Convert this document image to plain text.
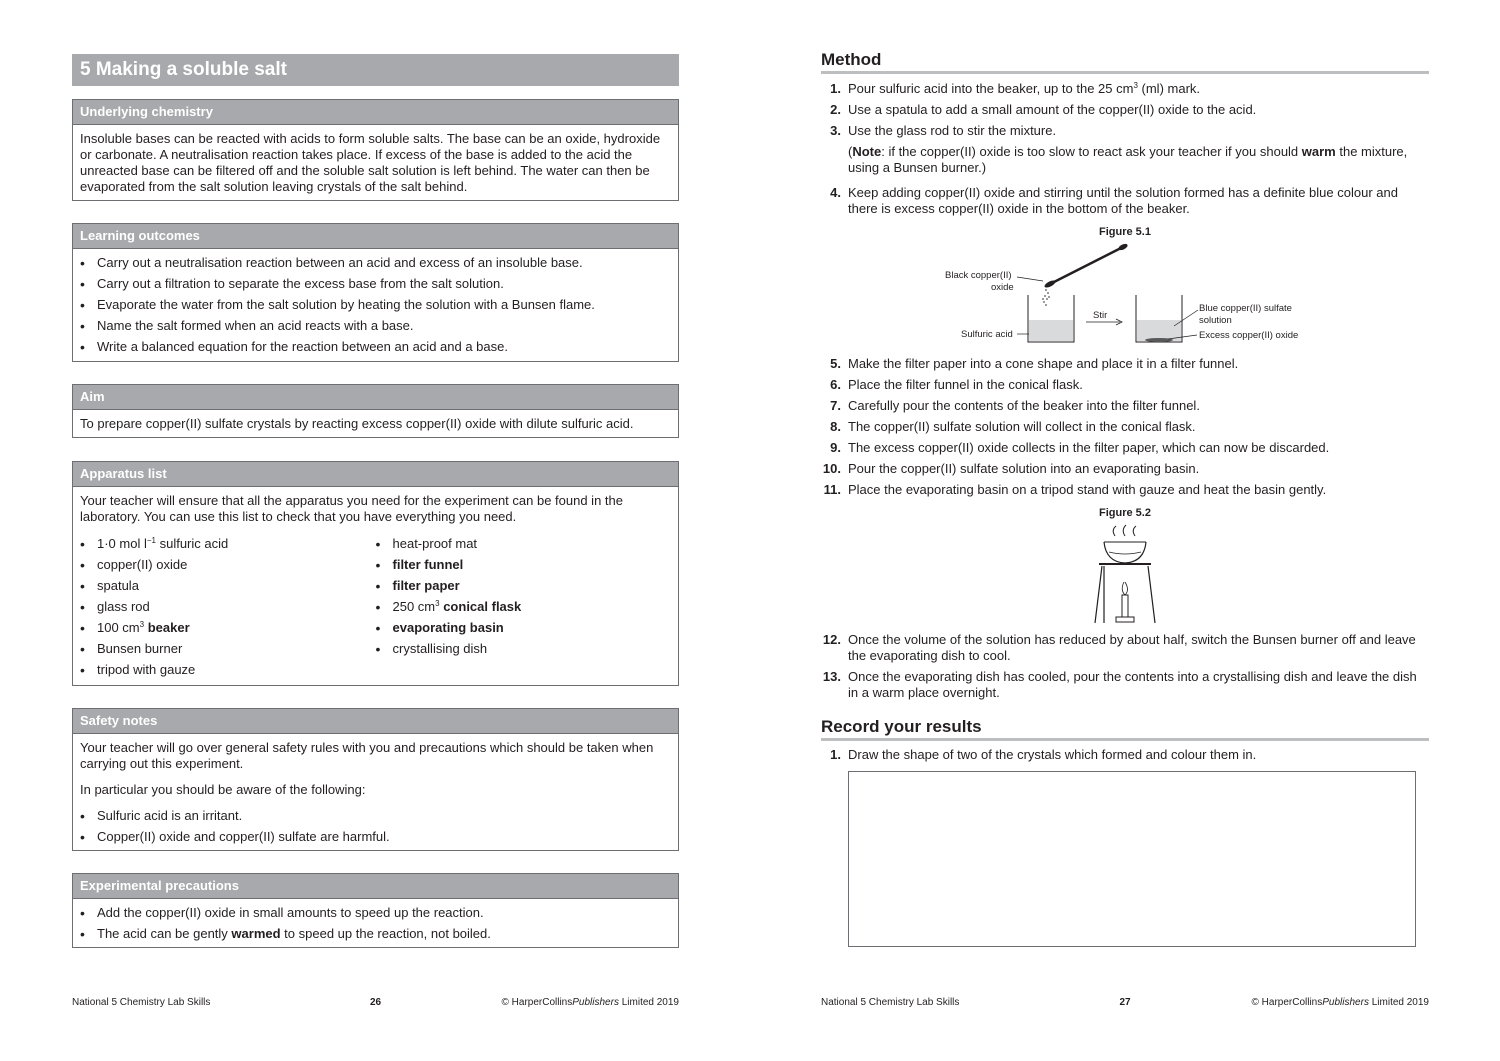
5 Making a soluble salt
Underlying chemistry

Insoluble bases can be reacted with acids to form soluble salts. The base can be an oxide, hydroxide or carbonate. A neutralisation reaction takes place. If excess of the base is added to the acid the unreacted base can be filtered off and the soluble salt solution is left behind. The water can then be evaporated from the salt solution leaving crystals of the salt behind.

Learning outcomes
• Carry out a neutralisation reaction between an acid and excess of an insoluble base.
• Carry out a filtration to separate the excess base from the salt solution.
• Evaporate the water from the salt solution by heating the solution with a Bunsen flame.
• Name the salt formed when an acid reacts with a base.
• Write a balanced equation for the reaction between an acid and a base.
Aim

To prepare copper(II) sulfate crystals by reacting excess copper(II) oxide with dilute sulfuric acid.

Apparatus list

Your teacher will ensure that all the apparatus you need for the experiment can be found in the laboratory. You can use this list to check that you have everything you need.

• 1·0 mol $l^{-1}$ sulfuric acid
• copper(II) oxide
• spatula
• glass rod
• 100 $cm^3$ beaker
• Bunsen burner
• tripod with gauze
• heat-proof mat
• filter funnel
• filter paper
• 250 $cm^3$ conical flask
• evaporating basin
• crystallising dish
Safety notes

Your teacher will go over general safety rules with you and precautions which should be taken when carrying out this experiment.

In particular you should be aware of the following:

• Sulfuric acid is an irritant.
• Copper(II) oxide and copper(II) sulfate are harmful.
Experimental precautions
• Add the copper(II) oxide in small amounts to speed up the reaction.
• The acid can be gently warmed to speed up the reaction, not boiled.
National 5 Chemistry Lab Skills	26	© HarperCollinsPublishers Limited 2019
Method
1. Pour sulfuric acid into the beaker, up to the 25 $cm^3$ (ml) mark.
2. Use a spatula to add a small amount of the copper(II) oxide to the acid.
3. Use the glass rod to stir the mixture.
(Note: if the copper(II) oxide is too slow to react ask your teacher if you should warm the mixture, using a Bunsen burner.)
4. Keep adding copper(II) oxide and stirring until the solution formed has a definite blue colour and there is excess copper(II) oxide in the bottom of the beaker.
Figure 5.1
Black copper(II)
oxide
Sulfuric acid
Stir
Blue copper(II) sulfate
solution
Excess copper(II) oxide
5. Make the filter paper into a cone shape and place it in a filter funnel.
6. Place the filter funnel in the conical flask.
7. Carefully pour the contents of the beaker into the filter funnel.
8. The copper(II) sulfate solution will collect in the conical flask.
9. The excess copper(II) oxide collects in the filter paper, which can now be discarded.
10. Pour the copper(II) sulfate solution into an evaporating basin.
11. Place the evaporating basin on a tripod stand with gauze and heat the basin gently.
Figure 5.2
12. Once the volume of the solution has reduced by about half, switch the Bunsen burner off and leave the evaporating dish to cool.
13. Once the evaporating dish has cooled, pour the contents into a crystallising dish and leave the dish in a warm place overnight.
Record your results
1. Draw the shape of two of the crystals which formed and colour them in.
National 5 Chemistry Lab Skills	27	© HarperCollinsPublishers Limited 2019
